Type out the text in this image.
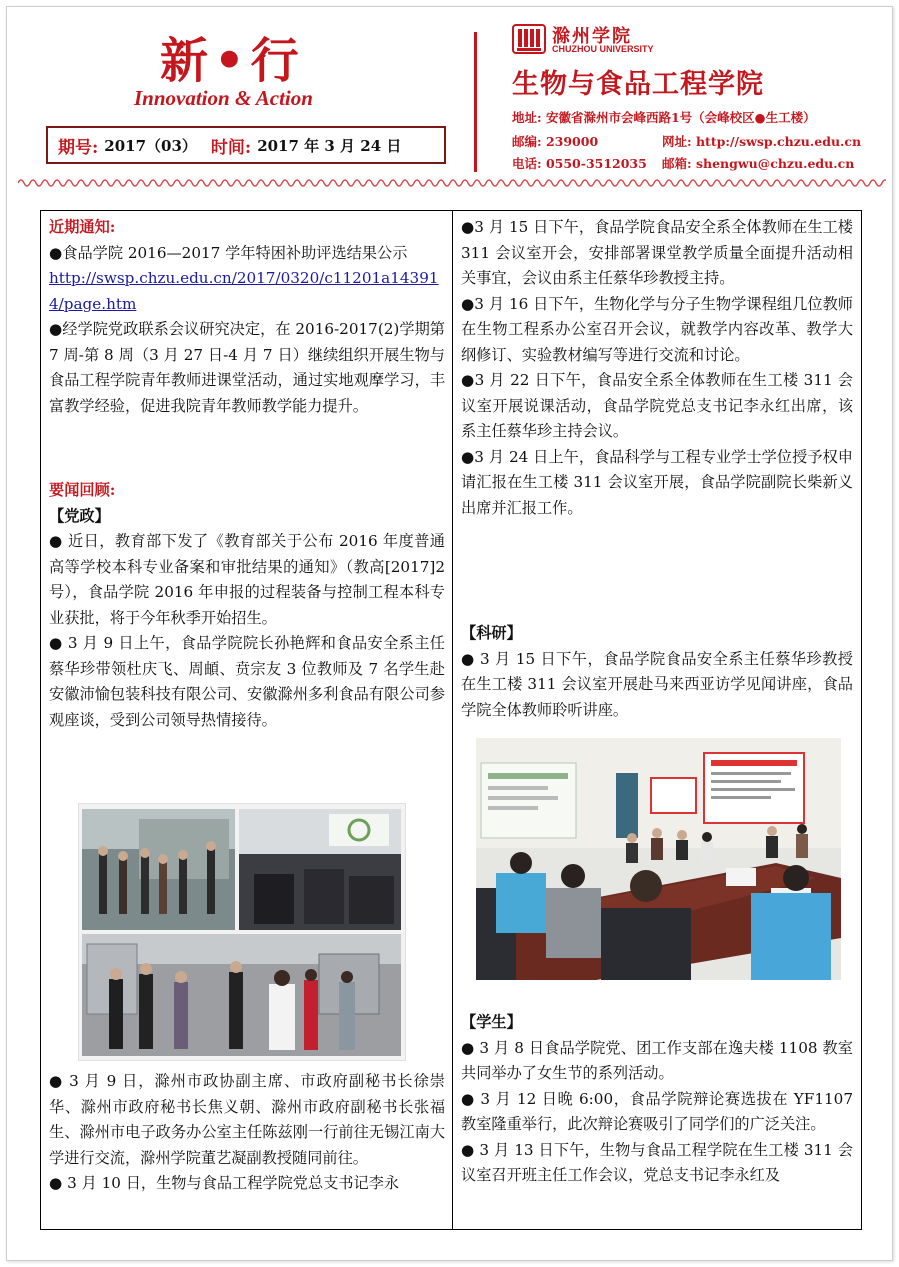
新•行
Innovation & Action
期号: 2017（03） 时间: 2017 年 3 月 24 日
滁州学院
CHUZHOU UNIVERSITY
生物与食品工程学院
地址: 安徽省滁州市会峰西路1号（会峰校区●生工楼）
邮编: 239000
电话: 0550-3512035
网址: http://swsp.chzu.edu.cn
邮箱: shengwu@chzu.edu.cn

近期通知:

●食品学院 2016—2017 学年特困补助评选结果公示

http://swsp.chzu.edu.cn/2017/0320/c11201a143914/page.htm

●经学院党政联系会议研究决定，在 2016-2017(2)学期第 7 周-第 8 周（3 月 27 日-4 月 7 日）继续组织开展生物与食品工程学院青年教师进课堂活动，通过实地观摩学习，丰富教学经验，促进我院青年教师教学能力提升。

要闻回顾:

【党政】

● 近日，教育部下发了《教育部关于公布 2016 年度普通高等学校本科专业备案和审批结果的通知》（教高[2017]2 号），食品学院 2016 年申报的过程装备与控制工程本科专业获批，将于今年秋季开始招生。

● 3 月 9 日上午，食品学院院长孙艳辉和食品安全系主任蔡华珍带领杜庆飞、周頔、贲宗友 3 位教师及 7 名学生赴安徽沛愉包装科技有限公司、安徽滁州多利食品有限公司参观座谈，受到公司领导热情接待。

● 3 月 9 日，滁州市政协副主席、市政府副秘书长徐崇华、滁州市政府秘书长焦义朝、滁州市政府副秘书长张福生、滁州市电子政务办公室主任陈兹刚一行前往无锡江南大学进行交流，滁州学院董艺凝副教授随同前往。

● 3 月 10 日，生物与食品工程学院党总支书记李永

●3 月 15 日下午，食品学院食品安全系全体教师在生工楼 311 会议室开会，安排部署课堂教学质量全面提升活动相关事宜，会议由系主任蔡华珍教授主持。

●3 月 16 日下午，生物化学与分子生物学课程组几位教师在生物工程系办公室召开会议，就教学内容改革、教学大纲修订、实验教材编写等进行交流和讨论。

●3 月 22 日下午，食品安全系全体教师在生工楼 311 会议室开展说课活动，食品学院党总支书记李永红出席，该系主任蔡华珍主持会议。

●3 月 24 日上午，食品科学与工程专业学士学位授予权申请汇报在生工楼 311 会议室开展，食品学院副院长柴新义出席并汇报工作。

【科研】

● 3 月 15 日下午，食品学院食品安全系主任蔡华珍教授在生工楼 311 会议室开展赴马来西亚访学见闻讲座，食品学院全体教师聆听讲座。

【学生】

● 3 月 8 日食品学院党、团工作支部在逸夫楼 1108 教室共同举办了女生节的系列活动。

● 3 月 12 日晚 6:00，食品学院辩论赛选拔在 YF1107 教室隆重举行，此次辩论赛吸引了同学们的广泛关注。

● 3 月 13 日下午，生物与食品工程学院在生工楼 311 会议室召开班主任工作会议，党总支书记李永红及
